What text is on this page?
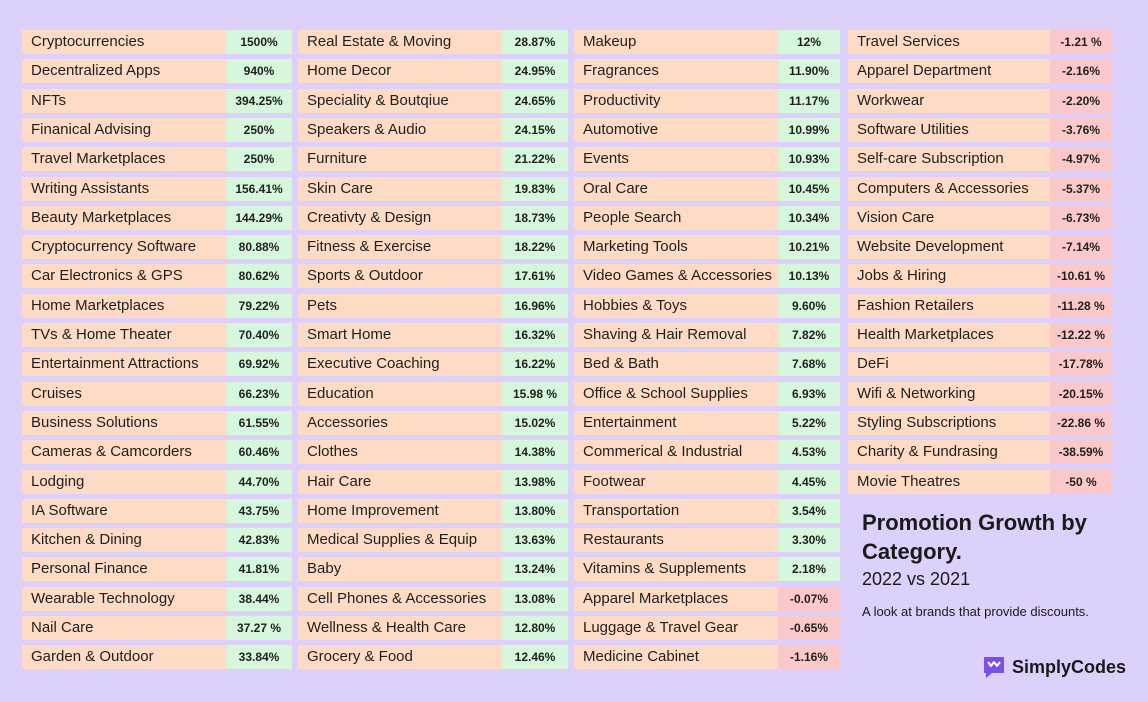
Cryptocurrencies	1500%
Decentralized Apps	940%
NFTs	394.25%
Finanical Advising	250%
Travel Marketplaces	250%
Writing Assistants	156.41%
Beauty Marketplaces	144.29%
Cryptocurrency Software	80.88%
Car Electronics & GPS	80.62%
Home Marketplaces	79.22%
TVs & Home Theater	70.40%
Entertainment Attractions	69.92%
Cruises	66.23%
Business Solutions	61.55%
Cameras & Camcorders	60.46%
Lodging	44.70%
IA Software	43.75%
Kitchen & Dining	42.83%
Personal Finance	41.81%
Wearable Technology	38.44%
Nail Care	37.27 %
Garden & Outdoor	33.84%
Real Estate & Moving	28.87%
Home Decor	24.95%
Speciality & Boutqiue	24.65%
Speakers & Audio	24.15%
Furniture	21.22%
Skin Care	19.83%
Creativty & Design	18.73%
Fitness & Exercise	18.22%
Sports & Outdoor	17.61%
Pets	16.96%
Smart Home	16.32%
Executive Coaching	16.22%
Education	15.98 %
Accessories	15.02%
Clothes	14.38%
Hair Care	13.98%
Home Improvement	13.80%
Medical Supplies & Equip	13.63%
Baby	13.24%
Cell Phones & Accessories	13.08%
Wellness & Health Care	12.80%
Grocery & Food	12.46%
Makeup	12%
Fragrances	11.90%
Productivity	11.17%
Automotive	10.99%
Events	10.93%
Oral Care	10.45%
People Search	10.34%
Marketing Tools	10.21%
Video Games & Accessories	10.13%
Hobbies & Toys	9.60%
Shaving & Hair Removal	7.82%
Bed & Bath	7.68%
Office & School Supplies	6.93%
Entertainment	5.22%
Commerical & Industrial	4.53%
Footwear	4.45%
Transportation	3.54%
Restaurants	3.30%
Vitamins & Supplements	2.18%
Apparel Marketplaces	-0.07%
Luggage & Travel Gear	-0.65%
Medicine Cabinet	-1.16%
Travel Services	-1.21 %
Apparel Department	-2.16%
Workwear	-2.20%
Software Utilities	-3.76%
Self-care Subscription	-4.97%
Computers & Accessories	-5.37%
Vision Care	-6.73%
Website Development	-7.14%
Jobs & Hiring	-10.61 %
Fashion Retailers	-11.28 %
Health Marketplaces	-12.22 %
DeFi	-17.78%
Wifi & Networking	-20.15%
Styling Subscriptions	-22.86 %
Charity & Fundrasing	-38.59%
Movie Theatres	-50 %
Promotion Growth by Category.
2022 vs 2021
A look at brands that provide discounts.
SimplyCodes
